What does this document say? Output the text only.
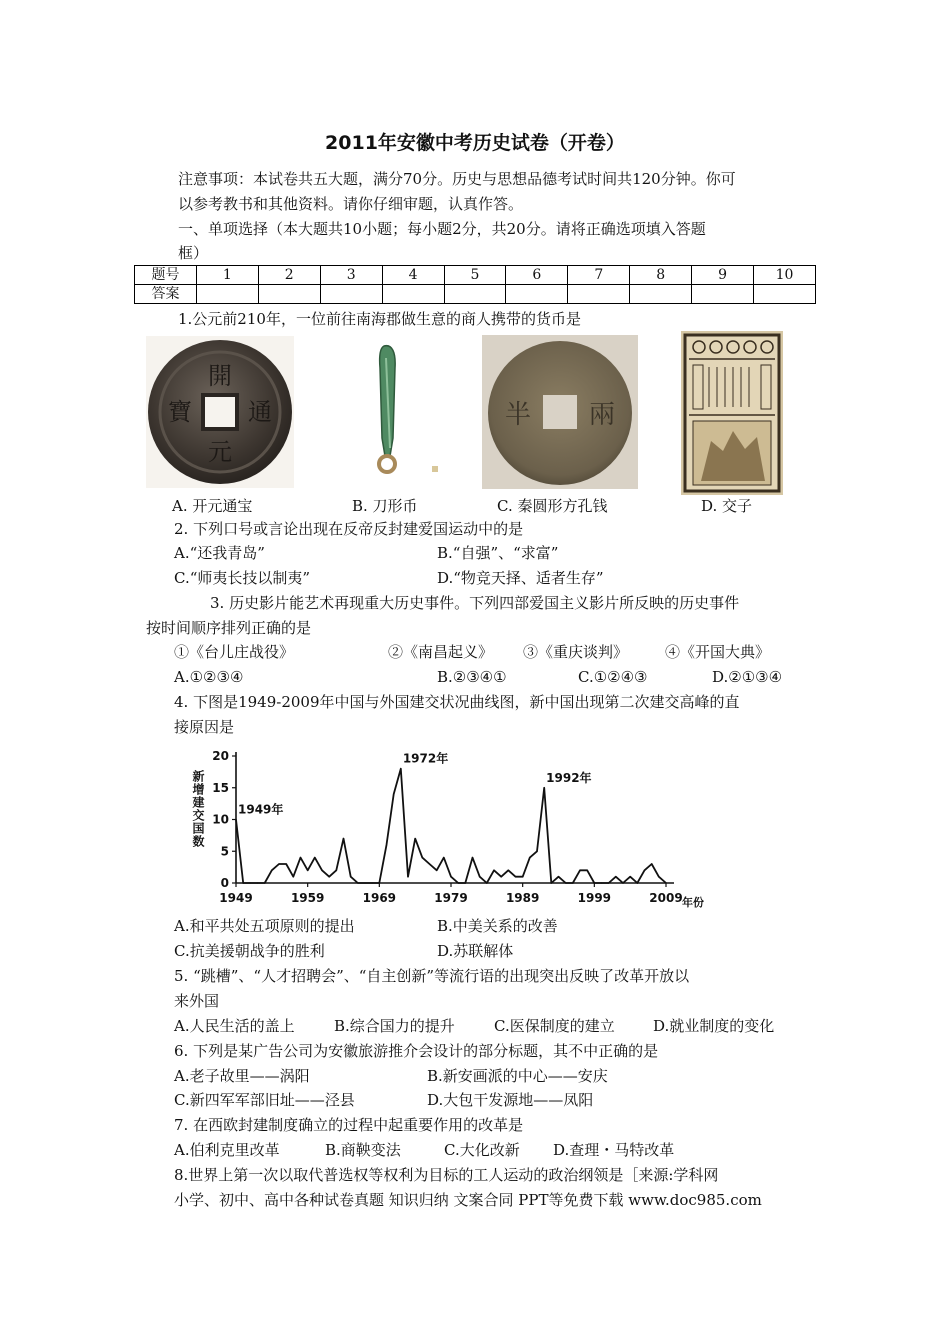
2011年安徽中考历史试卷（开卷）
注意事项：本试卷共五大题，满分70分。历史与思想品德考试时间共120分钟。你可
以参考教书和其他资料。请你仔细审题，认真作答。
一、单项选择（本大题共10小题；每小题2分，共20分。请将正确选项填入答题
框）
题号	1	2	3	4	5	6	7	8	9	10
答案										
1.公元前210年，一位前往南海郡做生意的商人携带的货币是
開
元
通
寶	半 兩
A. 开元通宝	B. 刀形币	C. 秦圆形方孔钱	D. 交子
2. 下列口号或言论出现在反帝反封建爱国运动中的是
A.“还我青岛”	B.“自强”、“求富”
C.“师夷长技以制夷”	D.“物竞天择、适者生存”
3. 历史影片能艺术再现重大历史事件。下列四部爱国主义影片所反映的历史事件
按时间顺序排列正确的是
①《台儿庄战役》	②《南昌起义》 ③《重庆谈判》 ④《开国大典》
A.①②③④	B.②③④①	C.①②④③	D.②①③④
4. 下图是1949-2009年中国与外国建交状况曲线图，新中国出现第二次建交高峰的直
接原因是
0
5
10
15
20
1949	1959	1969	1979	1989	1999	2009
1949年
1972年
1992年
新增建交国数
年份
A.和平共处五项原则的提出	B.中美关系的改善
C.抗美援朝战争的胜利	D.苏联解体
5. “跳槽”、“人才招聘会”、“自主创新”等流行语的出现突出反映了改革开放以
来外国
A.人民生活的盖上	B.综合国力的提升	C.医保制度的建立	D.就业制度的变化
6. 下列是某广告公司为安徽旅游推介会设计的部分标题，其不中正确的是
A.老子故里——涡阳	B.新安画派的中心——安庆
C.新四军军部旧址——泾县	D.大包干发源地——凤阳
7. 在西欧封建制度确立的过程中起重要作用的改革是
A.伯利克里改革	B.商鞅变法	C.大化改新 D.查理・马特改革
8.世界上第一次以取代普选权等权利为目标的工人运动的政治纲领是［来源:学科网
小学、初中、高中各种试卷真题 知识归纳 文案合同 PPT等免费下载 www.doc985.com
